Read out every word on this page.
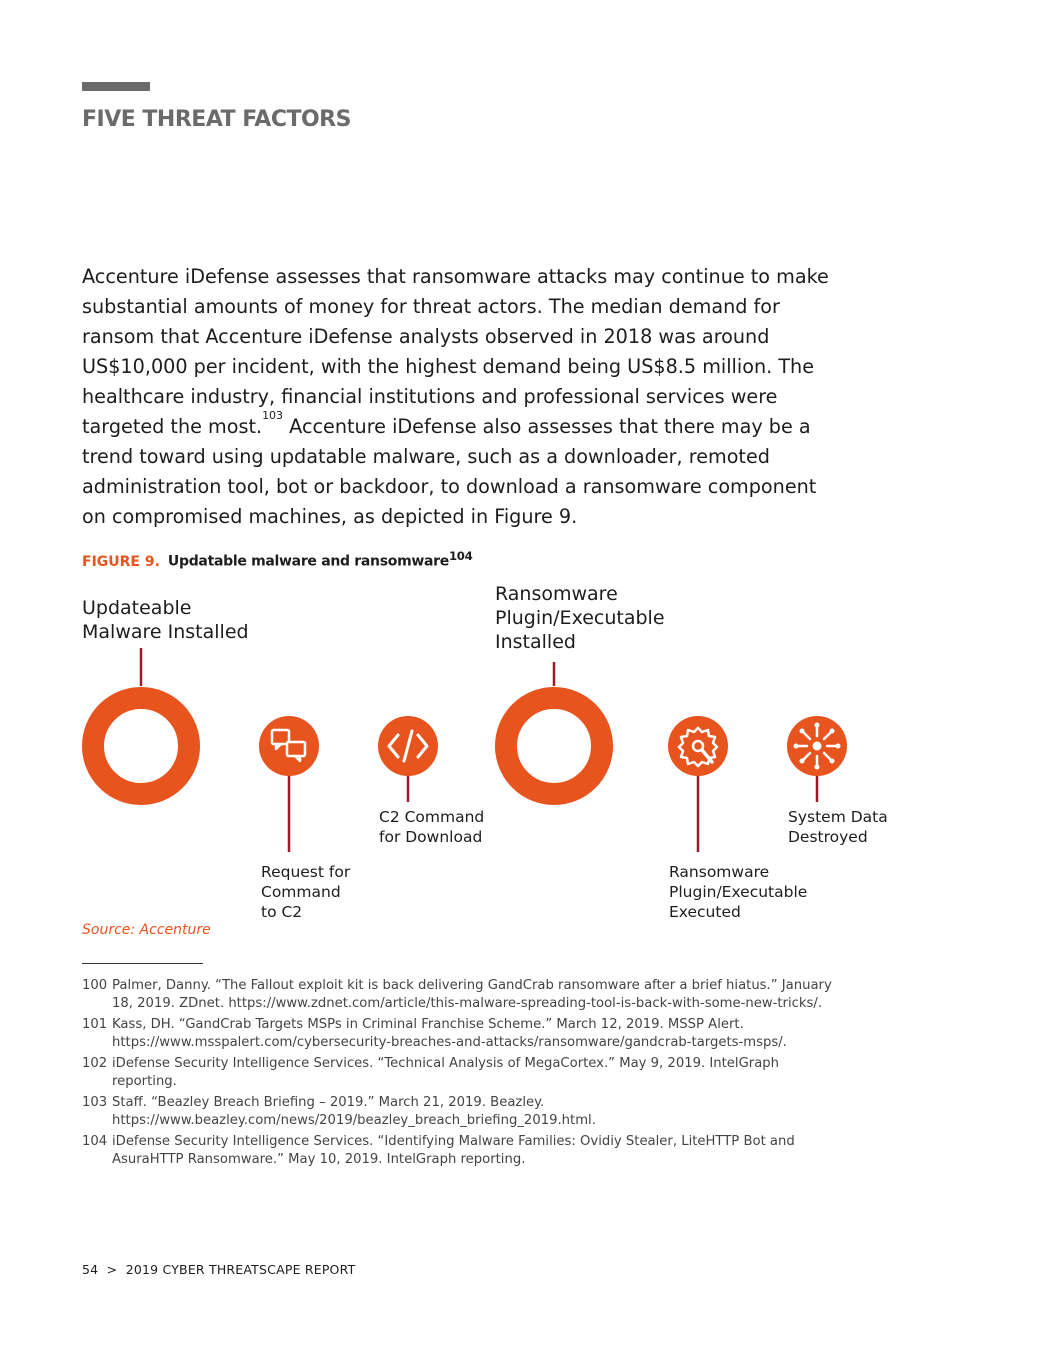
FIVE THREAT FACTORS

Accenture iDefense assesses that ransomware attacks may continue to make substantial amounts of money for threat actors. The median demand for ransom that Accenture iDefense analysts observed in 2018 was around US$10,000 per incident, with the highest demand being US$8.5 million. The healthcare industry, financial institutions and professional services were targeted the most.$^{103}$ Accenture iDefense also assesses that there may be a trend toward using updatable malware, such as a downloader, remoted administration tool, bot or backdoor, to download a ransomware component on compromised machines, as depicted in Figure 9.

FIGURE 9. Updatable malware and ransomware$^{104}$

Updateable
Malware Installed

Request for
Command
to C2

C2 Command
for Download

Ransomware
Plugin/Executable
Installed

Ransomware
Plugin/Executable
Executed

System Data
Destroyed

Source: Accenture

100 Palmer, Danny. “The Fallout exploit kit is back delivering GandCrab ransomware after a brief hiatus.” January 18, 2019. ZDnet. https://www.zdnet.com/article/this-malware-spreading-tool-is-back-with-some-new-tricks/.
101 Kass, DH. “GandCrab Targets MSPs in Criminal Franchise Scheme.” March 12, 2019. MSSP Alert. https://www.msspalert.com/cybersecurity-breaches-and-attacks/ransomware/gandcrab-targets-msps/.
102 iDefense Security Intelligence Services. “Technical Analysis of MegaCortex.” May 9, 2019. IntelGraph reporting.
103 Staff. “Beazley Breach Briefing – 2019.” March 21, 2019. Beazley. https://www.beazley.com/news/2019/beazley_breach_briefing_2019.html.
104 iDefense Security Intelligence Services. “Identifying Malware Families: Ovidiy Stealer, LiteHTTP Bot and AsuraHTTP Ransomware.” May 10, 2019. IntelGraph reporting.

54 > 2019 CYBER THREATSCAPE REPORT
